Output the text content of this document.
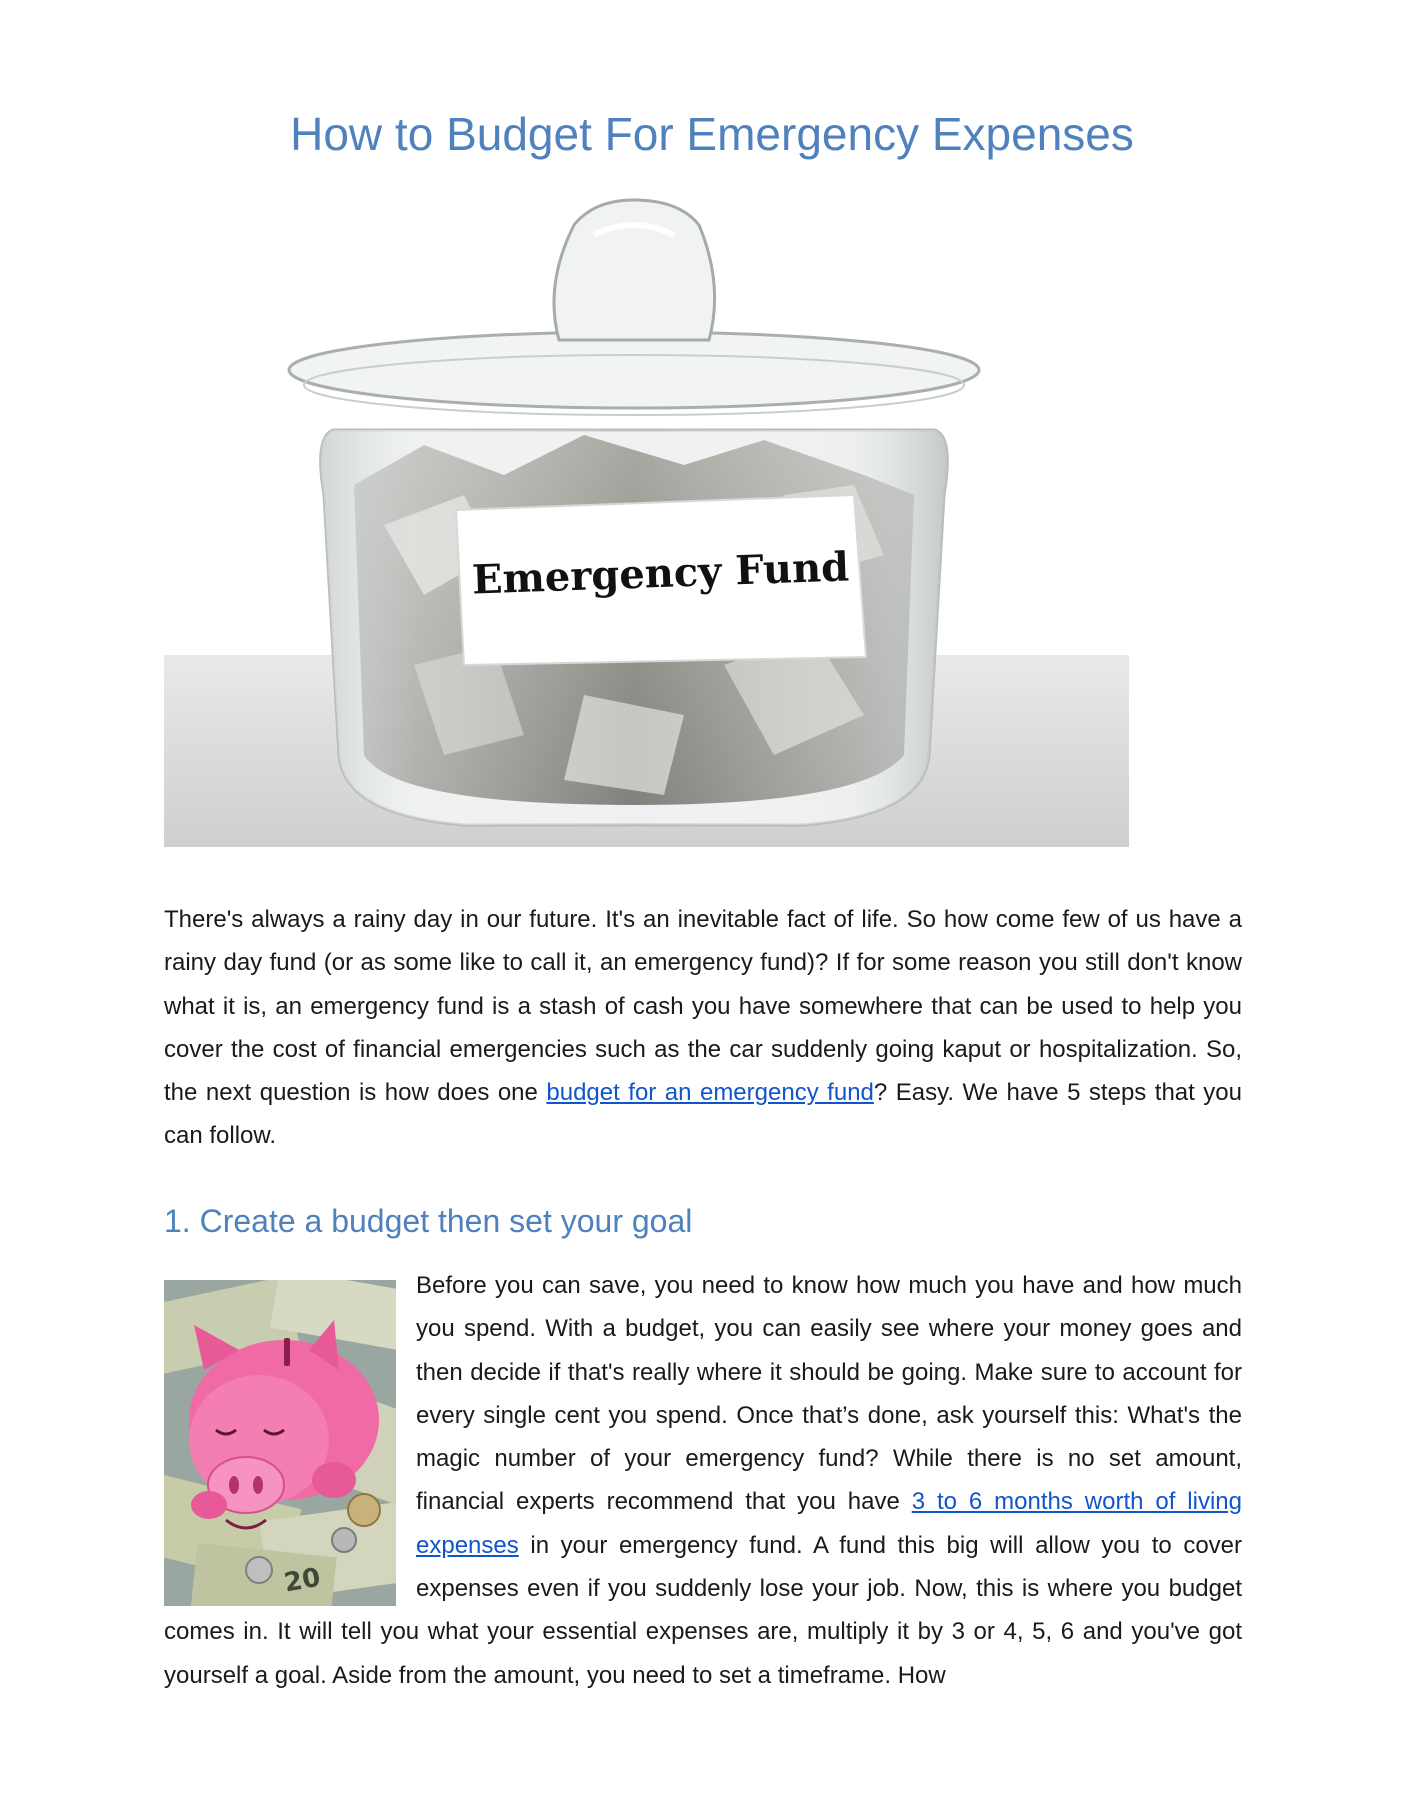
How to Budget For Emergency Expenses
Emergency Fund

There's always a rainy day in our future. It's an inevitable fact of life. So how come few of us have a rainy day fund (or as some like to call it, an emergency fund)? If for some reason you still don't know what it is, an emergency fund is a stash of cash you have somewhere that can be used to help you cover the cost of financial emergencies such as the car suddenly going kaput or hospitalization. So, the next question is how does one budget for an emergency fund? Easy. We have 5 steps that you can follow.

1. Create a budget then set your goal

Before you can save, you need to know how much you have and how much you spend. With a budget, you can easily see where your money goes and then decide if that's really where it should be going. Make sure to account for every single cent you spend. Once that’s done, ask yourself this: What's the magic number of your emergency fund? While there is no set amount, financial experts recommend that you have 3 to 6 months worth of living expenses in your emergency fund. A fund this big will allow you to cover expenses even if you suddenly lose your job. Now, this is where you budget comes in. It will tell you what your essential expenses are, multiply it by 3 or 4, 5, 6 and you've got yourself a goal. Aside from the amount, you need to set a timeframe. How

20
